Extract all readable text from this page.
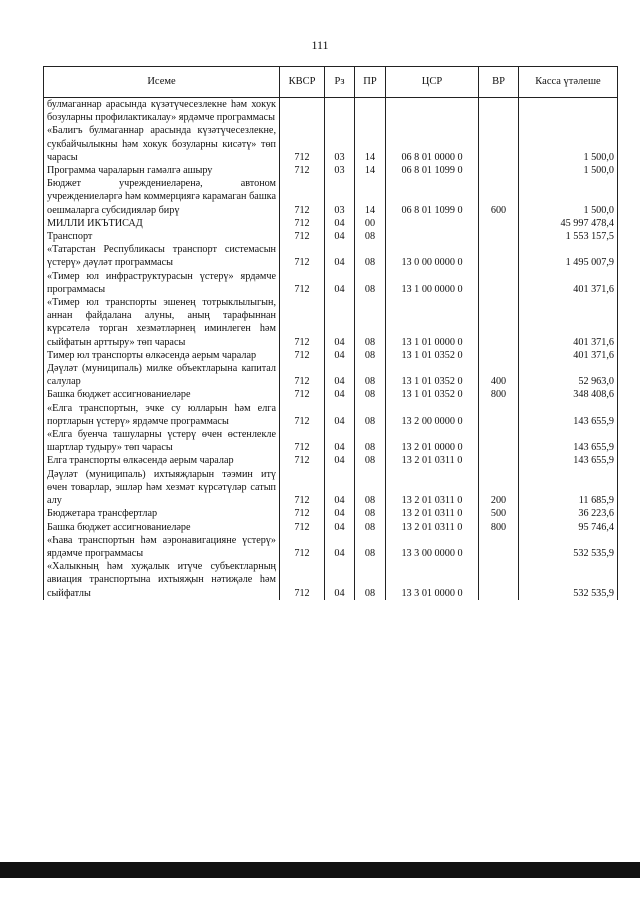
111
Исеме	КВСР	Рз	ПР	ЦСР	ВР	Касса үтәлеше
булмаганнар арасында күзәтүчесезлекне һәм хокук бозуларны профилактикалау» ярдәмче программасы						
«Балигъ булмаганнар арасында күзәтүчесезлекне, сукбайчылыкны һәм хокук бозуларны кисәтү» төп чарасы	712	03	14	06 8 01 0000 0		1 500,0
Программа чараларын гамәлгә ашыру	712	03	14	06 8 01 1099 0		1 500,0
Бюджет учреждениеләренә, автоном учреждениеләргә һәм коммерциягә карамаган башка оешмаларга субсидияләр бирү	712	03	14	06 8 01 1099 0	600	1 500,0
МИЛЛИ ИКЪТИСАД	712	04	00			45 997 478,4
Транспорт	712	04	08			1 553 157,5
«Татарстан Республикасы транспорт системасын үстерү» дәүләт программасы	712	04	08	13 0 00 0000 0		1 495 007,9
«Тимер юл инфраструктурасын үстерү» ярдәмче программасы	712	04	08	13 1 00 0000 0		401 371,6
«Тимер юл транспорты эшенең тотрыклылыгын, аннан файдалана алуны, аның тарафыннан күрсәтелә торган хезмәтләрнең иминлеген һәм сыйфатын арттыру» төп чарасы	712	04	08	13 1 01 0000 0		401 371,6
Тимер юл транспорты өлкәсендә аерым чаралар	712	04	08	13 1 01 0352 0		401 371,6
Дәүләт (муниципаль) милке объектларына капитал салулар	712	04	08	13 1 01 0352 0	400	52 963,0
Башка бюджет ассигнованиеләре	712	04	08	13 1 01 0352 0	800	348 408,6
«Елга транспортын, эчке су юлларын һәм елга портларын үстерү» ярдәмче программасы	712	04	08	13 2 00 0000 0		143 655,9
«Елга буенча ташуларны үстерү өчен өстенлекле шартлар тудыру» төп чарасы	712	04	08	13 2 01 0000 0		143 655,9
Елга транспорты өлкәсендә аерым чаралар	712	04	08	13 2 01 0311 0		143 655,9
Дәүләт (муниципаль) ихтыяҗларын тәэмин итү өчен товарлар, эшләр һәм хезмәт күрсәтүләр сатып алу	712	04	08	13 2 01 0311 0	200	11 685,9
Бюджетара трансфертлар	712	04	08	13 2 01 0311 0	500	36 223,6
Башка бюджет ассигнованиеләре	712	04	08	13 2 01 0311 0	800	95 746,4
«Һава транспортын һәм аэронавигацияне үстерү» ярдәмче программасы	712	04	08	13 3 00 0000 0		532 535,9
«Халыкның һәм хуҗалык итүче субъектларның авиация транспортына ихтыяҗын нәтиҗәле һәм сыйфатлы	712	04	08	13 3 01 0000 0		532 535,9
